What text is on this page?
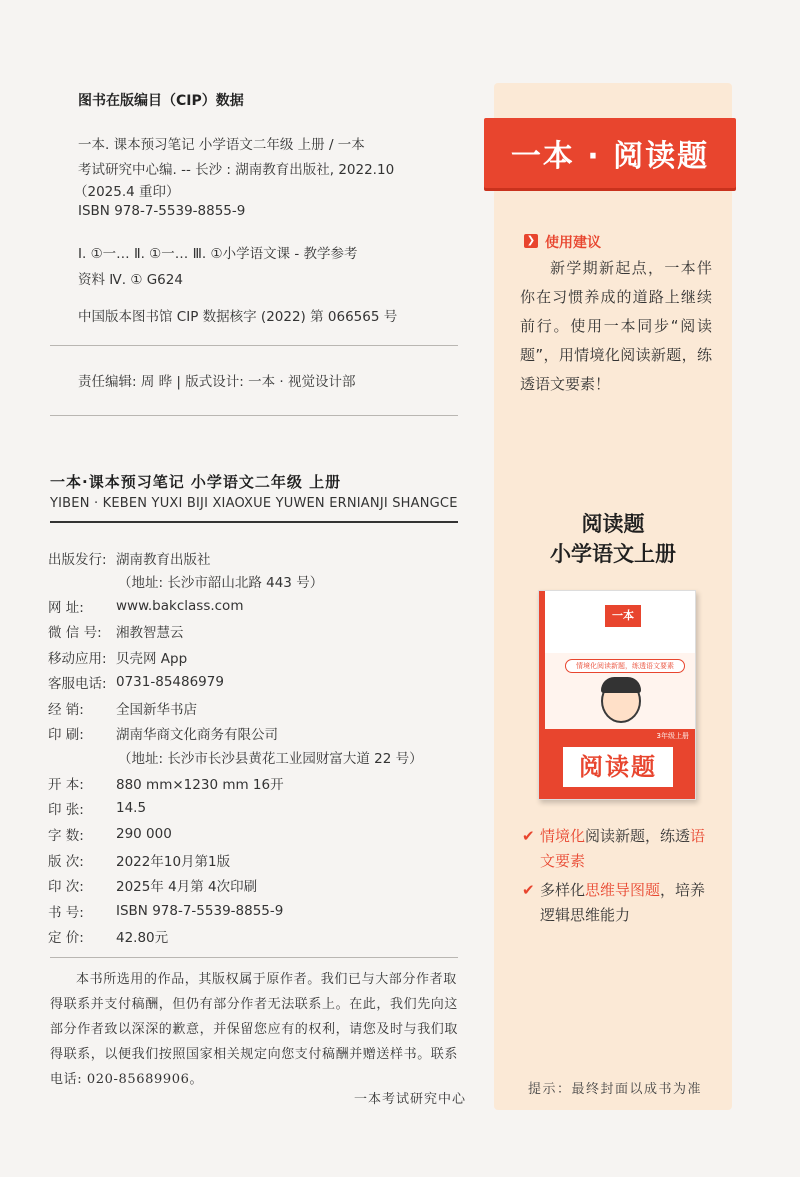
图书在版编目（CIP）数据
一本. 课本预习笔记 小学语文二年级 上册 / 一本
考试研究中心编. -- 长沙 : 湖南教育出版社, 2022.10
（2025.4 重印）
ISBN 978-7-5539-8855-9
Ⅰ. ①一… Ⅱ. ①一… Ⅲ. ①小学语文课 - 教学参考
资料 Ⅳ. ① G624
中国版本图书馆 CIP 数据核字 (2022) 第 066565 号
责任编辑: 周 晔 | 版式设计: 一本 · 视觉设计部
一本·课本预习笔记 小学语文二年级 上册
YIBEN · KEBEN YUXI BIJI XIAOXUE YUWEN ERNIANJI SHANGCE
出版发行: 湖南教育出版社
（地址: 长沙市韶山北路 443 号）
网 址:	www.bakclass.com
微 信 号:	湘教智慧云
移动应用: 贝壳网 App
客服电话: 0731-85486979
经 销:	全国新华书店
印 刷:	湖南华商文化商务有限公司
（地址: 长沙市长沙县黄花工业园财富大道 22 号）
开 本:	880 mm×1230 mm 16开
印 张:	14.5
字 数:	290 000
版 次:	2022年10月第1版
印 次:	2025年 4月第 4次印刷
书 号:	ISBN 978-7-5539-8855-9
定 价:	42.80元
本书所选用的作品，其版权属于原作者。我们已与大部分作者取得联系并支付稿酬，但仍有部分作者无法联系上。在此，我们先向这部分作者致以深深的歉意，并保留您应有的权利，请您及时与我们取得联系，以便我们按照国家相关规定向您支付稿酬并赠送样书。联系电话: 020-85689906。
一本考试研究中心
一本 · 阅读题
❯ 使用建议
新学期新起点，一本伴你在习惯养成的道路上继续前行。使用一本同步“阅读题”，用情境化阅读新题，练透语文要素！
阅读题
小学语文上册
一本
情境化阅读新题，练透语文要素
3年级上册
阅读题
✔ 情境化阅读新题，练透语文要素
✔ 多样化思维导图题，培养逻辑思维能力
提示：最终封面以成书为准
